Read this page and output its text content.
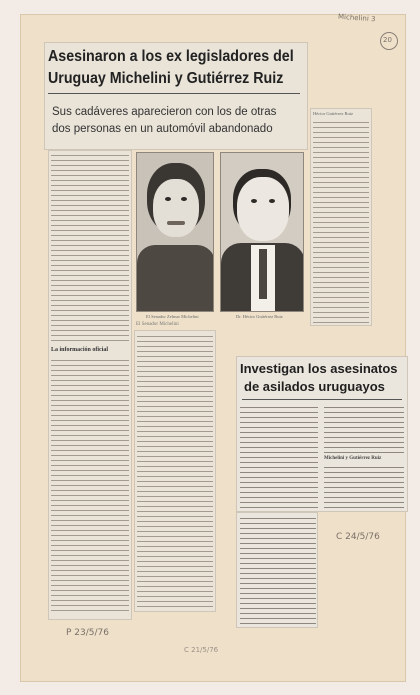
Michelini 3
20
Asesinaron a los ex legisladores del
Uruguay Michelini y Gutiérrez Ruiz
Sus cadáveres aparecieron con los de otras
dos personas en un automóvil abandonado
La información oficial
El Senador Zelmar Michelini	Dr. Héctor Gutiérrez Ruiz
El Senador Michelini
Héctor Gutiérrez Ruiz
Investigan los asesinatos
de asilados uruguayos
Michelini y Gutiérrez Ruiz
C 24/5/76
P 23/5/76
C 21/5/76
